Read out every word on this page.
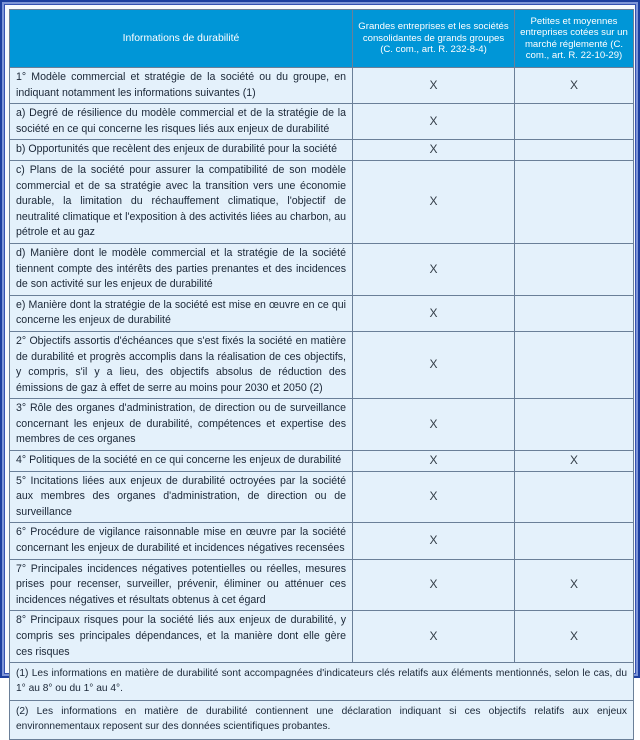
Informations de durabilité	Grandes entreprises et les sociétés consolidantes de grands groupes (C. com., art. R. 232-8-4)	Petites et moyennes entreprises cotées sur un marché réglementé (C. com., art. R. 22-10-29)
1° Modèle commercial et stratégie de la société ou du groupe, en indiquant notamment les informations suivantes (1)	X	X
a) Degré de résilience du modèle commercial et de la stratégie de la société en ce qui concerne les risques liés aux enjeux de durabilité	X	
b) Opportunités que recèlent des enjeux de durabilité pour la société	X	
c) Plans de la société pour assurer la compatibilité de son modèle commercial et de sa stratégie avec la transition vers une économie durable, la limitation du réchauffement climatique, l'objectif de neutralité climatique et l'exposition à des activités liées au charbon, au pétrole et au gaz	X	
d) Manière dont le modèle commercial et la stratégie de la société tiennent compte des intérêts des parties prenantes et des incidences de son activité sur les enjeux de durabilité	X	
e) Manière dont la stratégie de la société est mise en œuvre en ce qui concerne les enjeux de durabilité	X	
2° Objectifs assortis d'échéances que s'est fixés la société en matière de durabilité et progrès accomplis dans la réalisation de ces objectifs, y compris, s'il y a lieu, des objectifs absolus de réduction des émissions de gaz à effet de serre au moins pour 2030 et 2050 (2)	X	
3° Rôle des organes d'administration, de direction ou de surveillance concernant les enjeux de durabilité, compétences et expertise des membres de ces organes	X	
4° Politiques de la société en ce qui concerne les enjeux de durabilité	X	X
5° Incitations liées aux enjeux de durabilité octroyées par la société aux membres des organes d'administration, de direction ou de surveillance	X	
6° Procédure de vigilance raisonnable mise en œuvre par la société concernant les enjeux de durabilité et incidences négatives recensées	X	
7° Principales incidences négatives potentielles ou réelles, mesures prises pour recenser, surveiller, prévenir, éliminer ou atténuer ces incidences négatives et résultats obtenus à cet égard	X	X
8° Principaux risques pour la société liés aux enjeux de durabilité, y compris ses principales dépendances, et la manière dont elle gère ces risques	X	X
(1) Les informations en matière de durabilité sont accompagnées d'indicateurs clés relatifs aux éléments mentionnés, selon le cas, du 1° au 8° ou du 1° au 4°.		
(2) Les informations en matière de durabilité contiennent une déclaration indiquant si ces objectifs relatifs aux enjeux environnementaux reposent sur des données scientifiques probantes.		
